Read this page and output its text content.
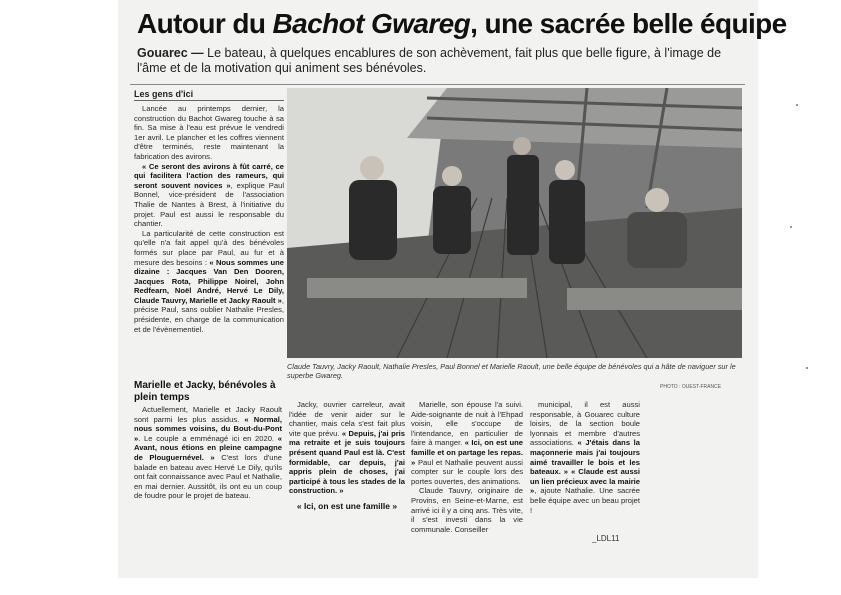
Autour du Bachot Gwareg, une sacrée belle équipe
Gouarec — Le bateau, à quelques encablures de son achèvement, fait plus que belle figure, à l'image de l'âme et de la motivation qui animent ses bénévoles.
Les gens d'ici

Lancée au printemps dernier, la construction du Bachot Gwareg touche à sa fin. Sa mise à l'eau est prévue le vendredi 1er avril. Le plancher et les coffres viennent d'être terminés, reste maintenant la fabrication des avirons.

« Ce seront des avirons à fût carré, ce qui facilitera l'action des rameurs, qui seront souvent novices », explique Paul Bonnel, vice-président de l'association Thalie de Nantes à Brest, à l'initiative du projet. Paul est aussi le responsable du chantier.

La particularité de cette construction est qu'elle n'a fait appel qu'à des bénévoles formés sur place par Paul, au fur et à mesure des besoins : « Nous sommes une dizaine : Jacques Van Den Dooren, Jacques Rota, Philippe Noirel, John Redfearn, Noël André, Hervé Le Dily, Claude Tauvry, Marielle et Jacky Raoult », précise Paul, sans oublier Nathalie Presles, présidente, en charge de la communication et de l'évènementiel.

Claude Tauvry, Jacky Raoult, Nathalie Presles, Paul Bonnel et Marielle Raoult, une belle équipe de bénévoles qui a hâte de naviguer sur le superbe Gwareg.
PHOTO : OUEST-FRANCE
Marielle et Jacky, bénévoles à plein temps

Actuellement, Marielle et Jacky Raoult sont parmi les plus assidus. « Normal, nous sommes voisins, du Bout-du-Pont ». Le couple a emménagé ici en 2020. « Avant, nous étions en pleine campagne de Plouguernével. » C'est lors d'une balade en bateau avec Hervé Le Dily, qu'ils ont fait connaissance avec Paul et Nathalie, en mai dernier. Aussitôt, ils ont eu un coup de foudre pour le projet de bateau.

Jacky, ouvrier carreleur, avait l'idée de venir aider sur le chantier, mais cela s'est fait plus vite que prévu. « Depuis, j'ai pris ma retraite et je suis toujours présent quand Paul est là. C'est formidable, car depuis, j'ai appris plein de choses, j'ai participé à tous les stades de la construction. »

« Ici, on est une famille »

Marielle, son épouse l'a suivi. Aide-soignante de nuit à l'Ehpad voisin, elle s'occupe de l'intendance, en particulier de faire à manger. « Ici, on est une famille et on partage les repas. » Paul et Nathalie peuvent aussi compter sur le couple lors des portes ouvertes, des animations.

Claude Tauvry, originaire de Provins, en Seine-et-Marne, est arrivé ici il y a cinq ans. Très vite, il s'est investi dans la vie communale. Conseiller

municipal, il est aussi responsable, à Gouarec culture loisirs, de la section boule lyonnais et membre d'autres associations. « J'étais dans la maçonnerie mais j'ai toujours aimé travailler le bois et les bateaux. » « Claude est aussi un lien précieux avec la mairie », ajoute Nathalie. Une sacrée belle équipe avec un beau projet !

_LDL11
